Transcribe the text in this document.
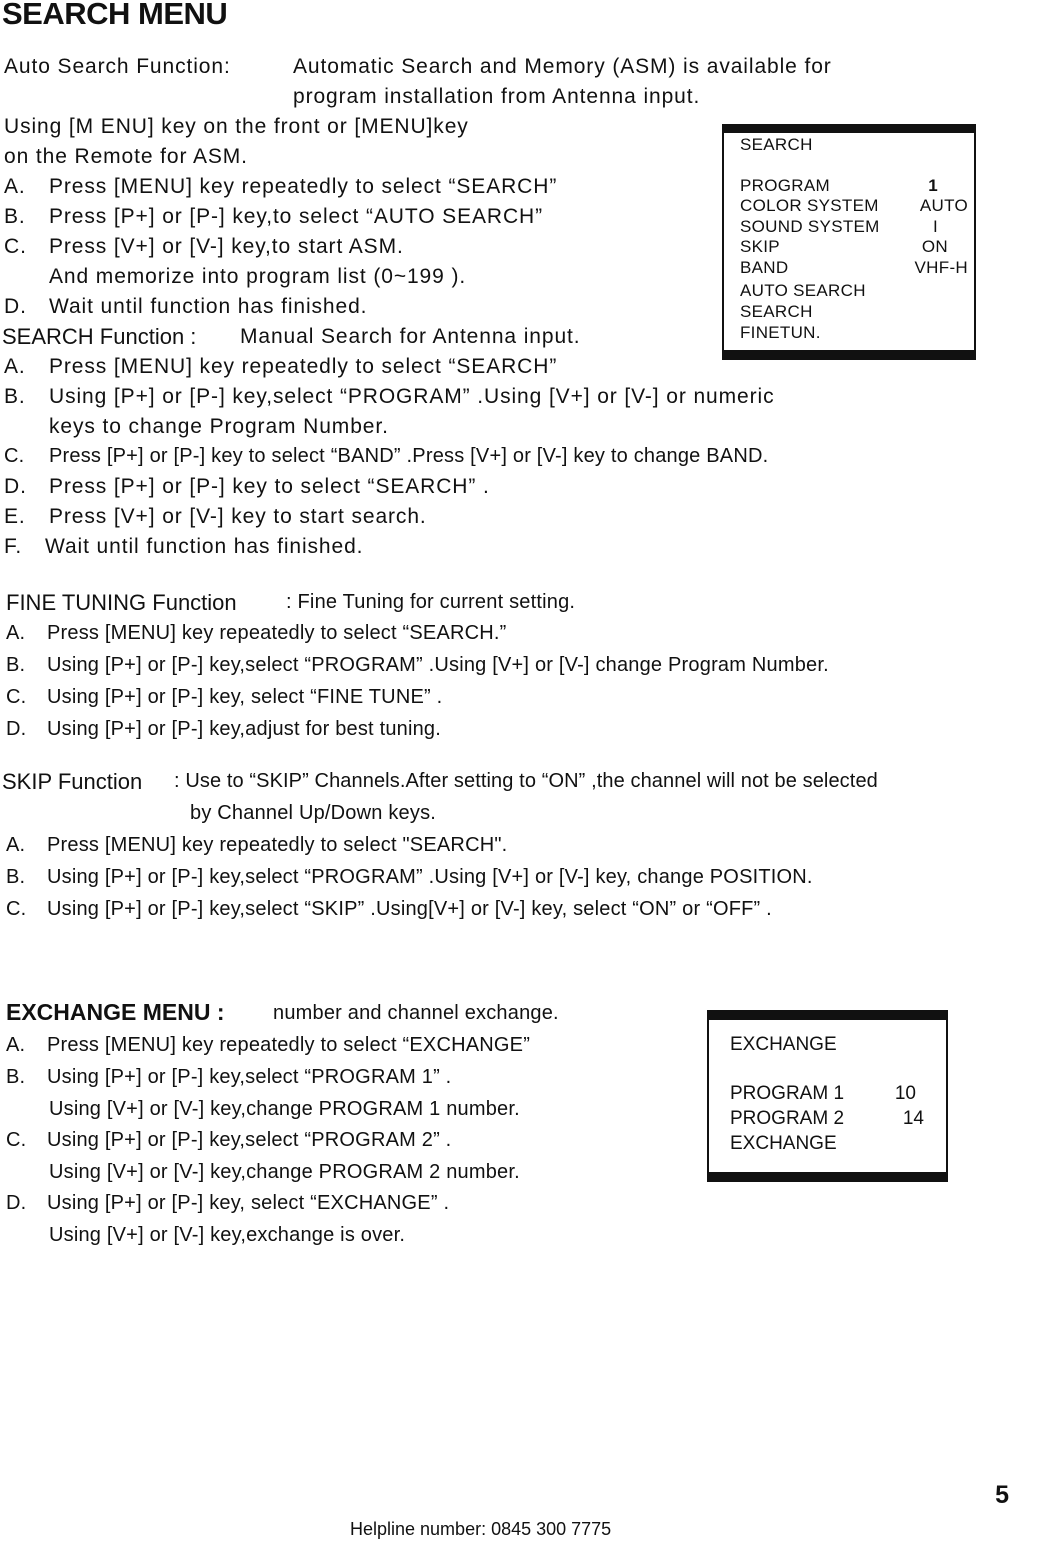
SEARCH MENU
Auto Search Function:	Automatic Search and Memory (ASM) is available for
program installation from Antenna input.
Using [M ENU] key on the front or [MENU]key
on the Remote for ASM.
A. Press [MENU] key repeatedly to select “SEARCH”
B. Press [P+] or [P-] key,to select “AUTO SEARCH”
C. Press [V+] or [V-] key,to start ASM.
And memorize into program list (0~199 ).
D. Wait until function has finished.
SEARCH Function : Manual Search for Antenna input.
A. Press [MENU] key repeatedly to select “SEARCH”
B. Using [P+] or [P-] key,select “PROGRAM” .Using [V+] or [V-] or numeric
keys to change Program Number.
C. Press [P+] or [P-] key to select “BAND” .Press [V+] or [V-] key to change BAND.
D. Press [P+] or [P-] key to select “SEARCH” .
E. Press [V+] or [V-] key to start search.
F. Wait until function has finished.
SEARCH
PROGRAM	1
COLOR SYSTEM AUTO
SOUND SYSTEM	I
SKIP	ON
BAND	VHF-H
AUTO SEARCH
SEARCH
FINETUN.
FINE TUNING Function : Fine Tuning for current setting.
A. Press [MENU] key repeatedly to select “SEARCH.”
B. Using [P+] or [P-] key,select “PROGRAM” .Using [V+] or [V-] change Program Number.
C. Using [P+] or [P-] key, select “FINE TUNE” .
D. Using [P+] or [P-] key,adjust for best tuning.
SKIP Function : Use to “SKIP” Channels.After setting to “ON” ,the channel will not be selected
by Channel Up/Down keys.
A. Press [MENU] key repeatedly to select "SEARCH".
B. Using [P+] or [P-] key,select “PROGRAM” .Using [V+] or [V-] key, change POSITION.
C. Using [P+] or [P-] key,select “SKIP” .Using[V+] or [V-] key, select “ON” or “OFF” .
EXCHANGE MENU : number and channel exchange.
A. Press [MENU] key repeatedly to select “EXCHANGE”
B. Using [P+] or [P-] key,select “PROGRAM 1” .
Using [V+] or [V-] key,change PROGRAM 1 number.
C. Using [P+] or [P-] key,select “PROGRAM 2” .
Using [V+] or [V-] key,change PROGRAM 2 number.
D. Using [P+] or [P-] key, select “EXCHANGE” .
Using [V+] or [V-] key,exchange is over.
EXCHANGE
PROGRAM 1	10
PROGRAM 2	14
EXCHANGE
5
Helpline number: 0845 300 7775
